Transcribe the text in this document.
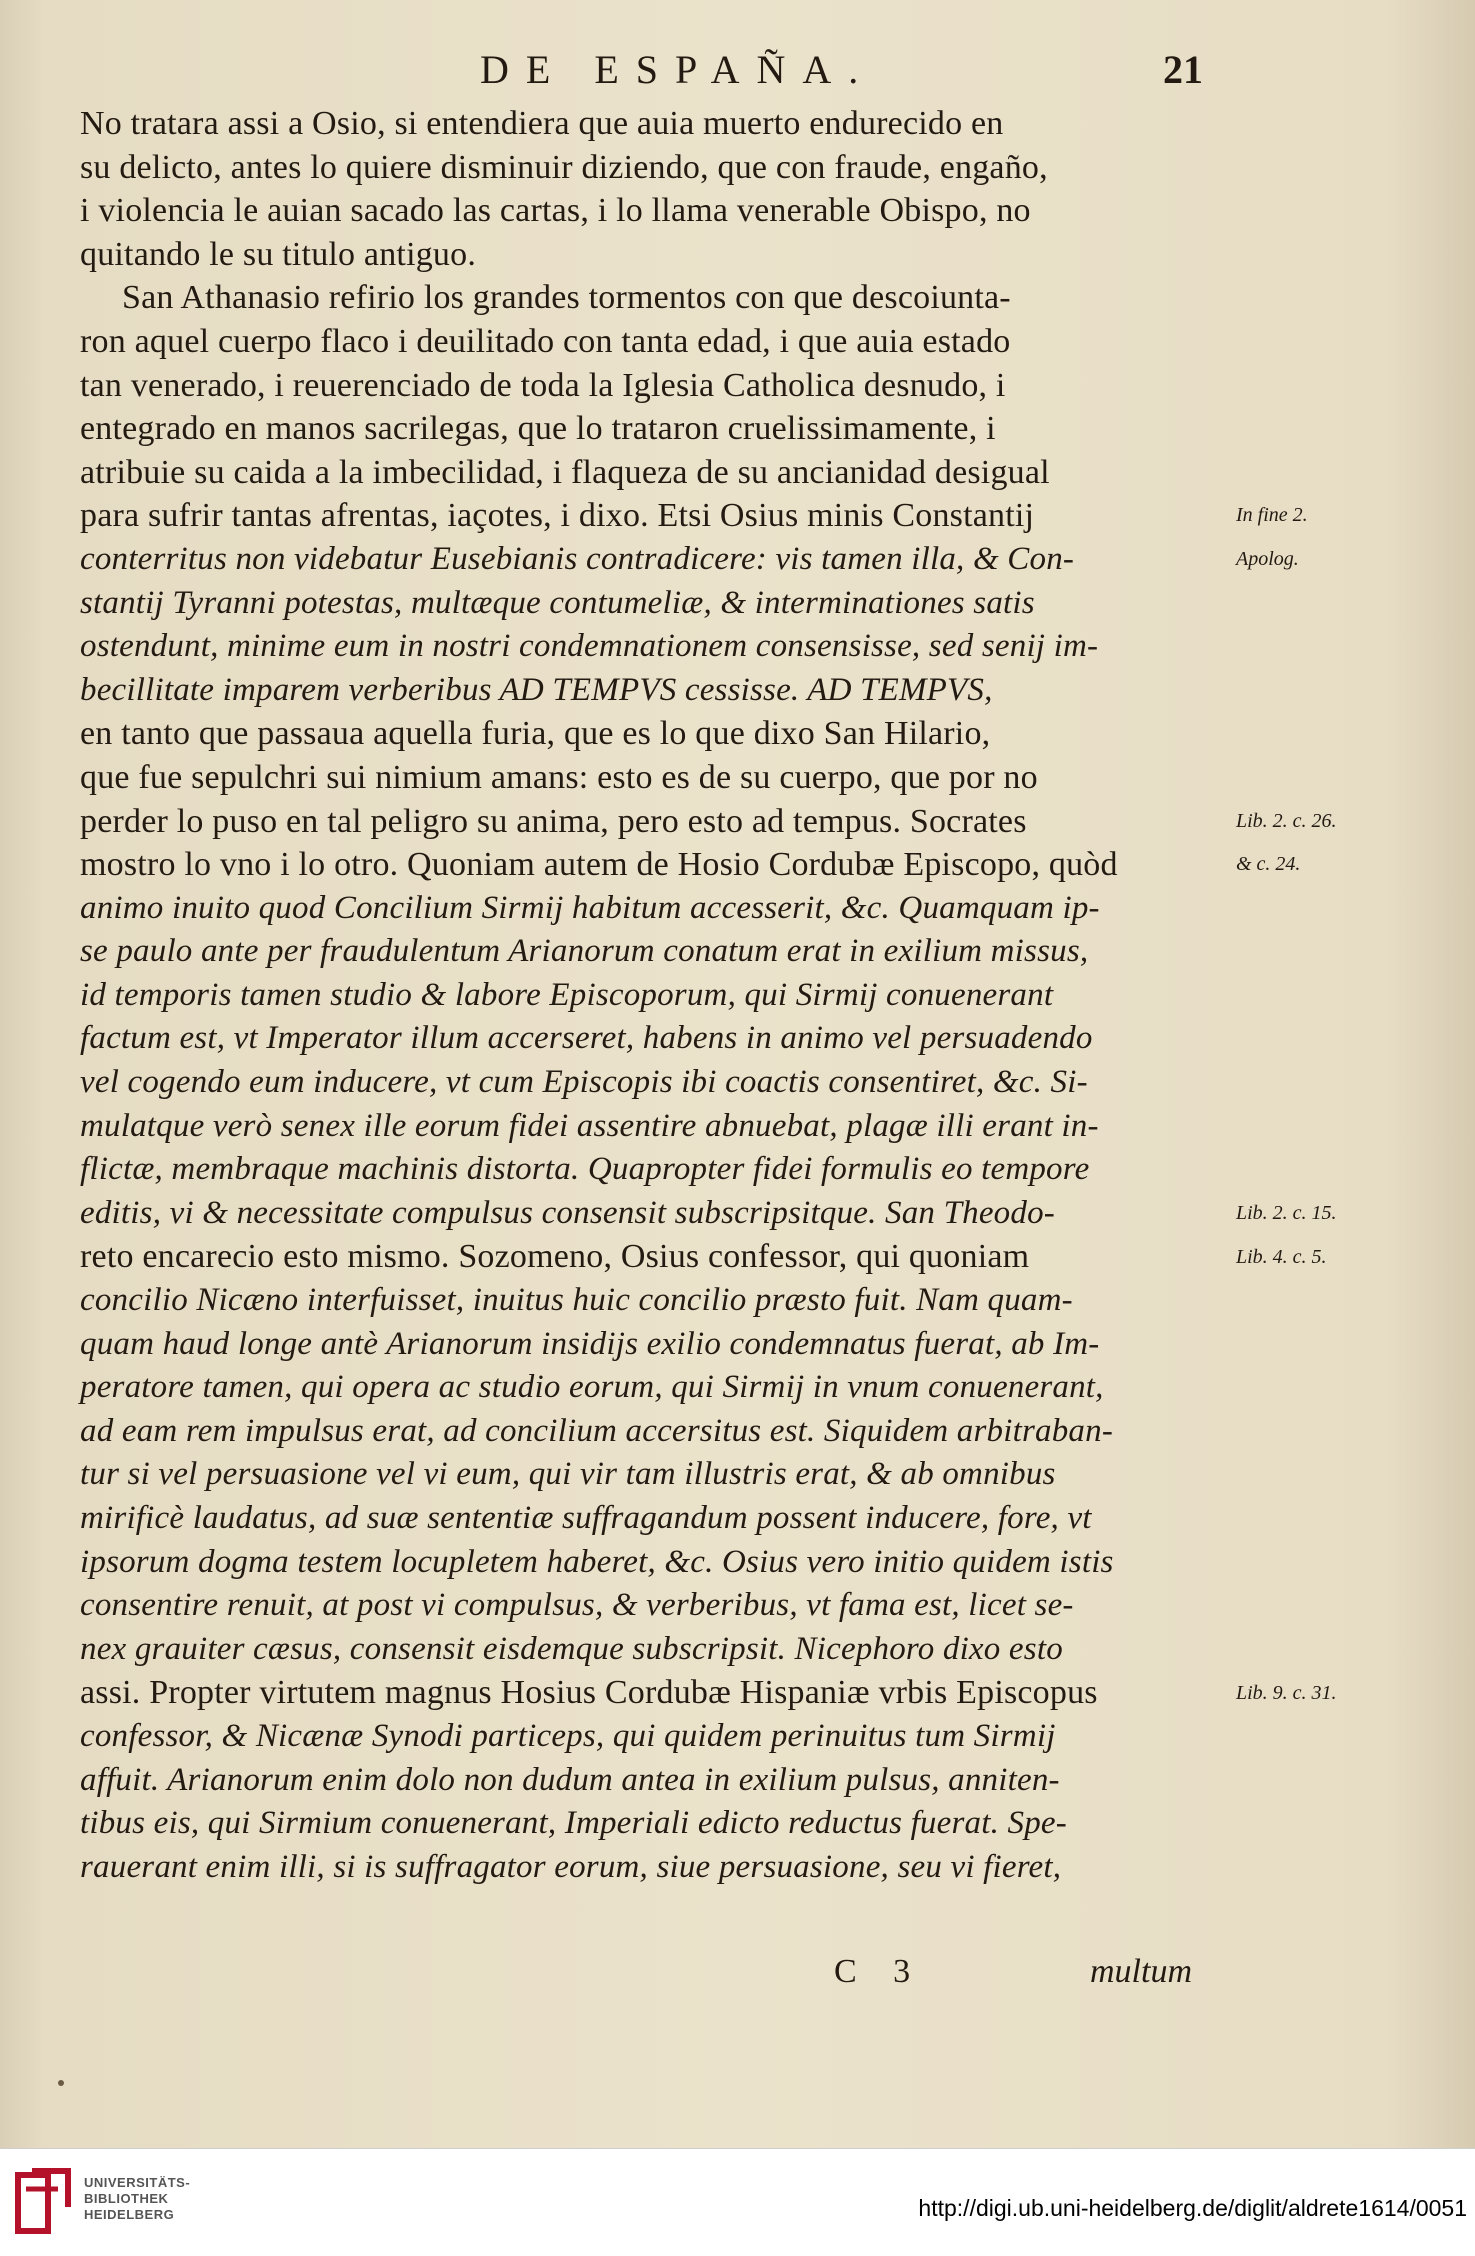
DE ESPAÑA.	21
No tratara assi a Osio, si entendiera que auia muerto endurecido en
su delicto, antes lo quiere disminuir diziendo, que con fraude, engaño,
i violencia le auian sacado las cartas, i lo llama venerable Obispo, no
quitando le su titulo antiguo.
San Athanasio refirio los grandes tormentos con que descoiunta-
ron aquel cuerpo flaco i deuilitado con tanta edad, i que auia estado
tan venerado, i reuerenciado de toda la Iglesia Catholica desnudo, i
entegrado en manos sacrilegas, que lo trataron cruelissimamente, i
atribuie su caida a la imbecilidad, i flaqueza de su ancianidad desigual
para sufrir tantas afrentas, iaçotes, i dixo. Etsi Osius minis Constantij
conterritus non videbatur Eusebianis contradicere: vis tamen illa, & Con-
stantij Tyranni potestas, multæque contumeliæ, & interminationes satis
ostendunt, minime eum in nostri condemnationem consensisse, sed senij im-
becillitate imparem verberibus AD TEMPVS cessisse. AD TEMPVS,
en tanto que passaua aquella furia, que es lo que dixo San Hilario,
que fue sepulchri sui nimium amans: esto es de su cuerpo, que por no
perder lo puso en tal peligro su anima, pero esto ad tempus. Socrates
mostro lo vno i lo otro. Quoniam autem de Hosio Cordubæ Episcopo, quòd
animo inuito quod Concilium Sirmij habitum accesserit, &c. Quamquam ip-
se paulo ante per fraudulentum Arianorum conatum erat in exilium missus,
id temporis tamen studio & labore Episcoporum, qui Sirmij conuenerant
factum est, vt Imperator illum accerseret, habens in animo vel persuadendo
vel cogendo eum inducere, vt cum Episcopis ibi coactis consentiret, &c. Si-
mulatque verò senex ille eorum fidei assentire abnuebat, plagæ illi erant in-
flictæ, membraque machinis distorta. Quapropter fidei formulis eo tempore
editis, vi & necessitate compulsus consensit subscripsitque. San Theodo-
reto encarecio esto mismo. Sozomeno, Osius confessor, qui quoniam
concilio Nicæno interfuisset, inuitus huic concilio præsto fuit. Nam quam-
quam haud longe antè Arianorum insidijs exilio condemnatus fuerat, ab Im-
peratore tamen, qui opera ac studio eorum, qui Sirmij in vnum conuenerant,
ad eam rem impulsus erat, ad concilium accersitus est. Siquidem arbitraban-
tur si vel persuasione vel vi eum, qui vir tam illustris erat, & ab omnibus
mirificè laudatus, ad suæ sententiæ suffragandum possent inducere, fore, vt
ipsorum dogma testem locupletem haberet, &c. Osius vero initio quidem istis
consentire renuit, at post vi compulsus, & verberibus, vt fama est, licet se-
nex grauiter cæsus, consensit eisdemque subscripsit. Nicephoro dixo esto
assi. Propter virtutem magnus Hosius Cordubæ Hispaniæ vrbis Episcopus
confessor, & Nicænæ Synodi particeps, qui quidem perinuitus tum Sirmij
affuit. Arianorum enim dolo non dudum antea in exilium pulsus, anniten-
tibus eis, qui Sirmium conuenerant, Imperiali edicto reductus fuerat. Spe-
rauerant enim illi, si is suffragator eorum, siue persuasione, seu vi fieret,
In fine 2.
Apolog.
Lib. 2. c. 26.
& c. 24.
Lib. 2. c. 15.
Lib. 4. c. 5.
Lib. 9. c. 31.
C 3	multum
UNIVERSITÄTS-
BIBLIOTHEK
HEIDELBERG	http://digi.ub.uni-heidelberg.de/diglit/aldrete1614/0051
